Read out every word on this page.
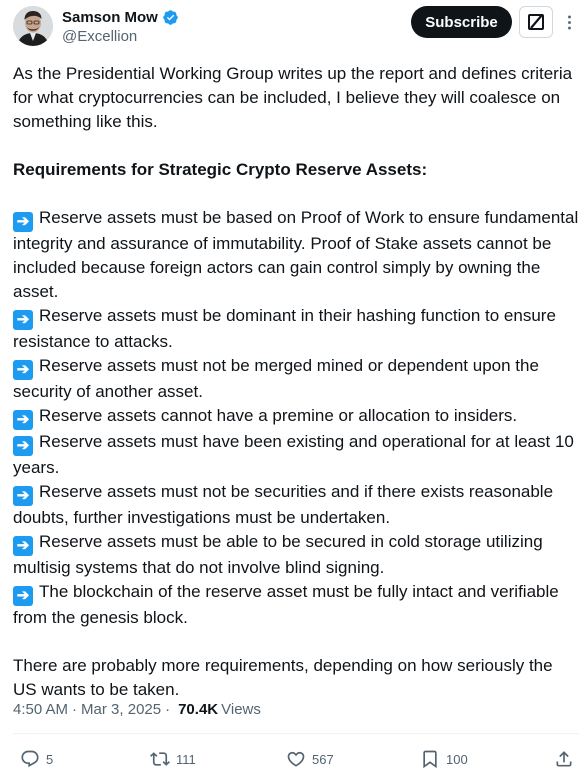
Samson Mow
@Excellion
Subscribe
As the Presidential Working Group writes up the report and defines criteria for what cryptocurrencies can be included, I believe they will coalesce on something like this.
Requirements for Strategic Crypto Reserve Assets:
➔ Reserve assets must be based on Proof of Work to ensure fundamental integrity and assurance of immutability. Proof of Stake assets cannot be included because foreign actors can gain control simply by owning the asset.
➔ Reserve assets must be dominant in their hashing function to ensure resistance to attacks.
➔ Reserve assets must not be merged mined or dependent upon the security of another asset.
➔ Reserve assets cannot have a premine or allocation to insiders.
➔ Reserve assets must have been existing and operational for at least 10 years.
➔ Reserve assets must not be securities and if there exists reasonable doubts, further investigations must be undertaken.
➔ Reserve assets must be able to be secured in cold storage utilizing multisig systems that do not involve blind signing.
➔ The blockchain of the reserve asset must be fully intact and verifiable from the genesis block.
There are probably more requirements, depending on how seriously the US wants to be taken.
4:50 AM · Mar 3, 2025 · 70.4K Views
5	111	567	100
